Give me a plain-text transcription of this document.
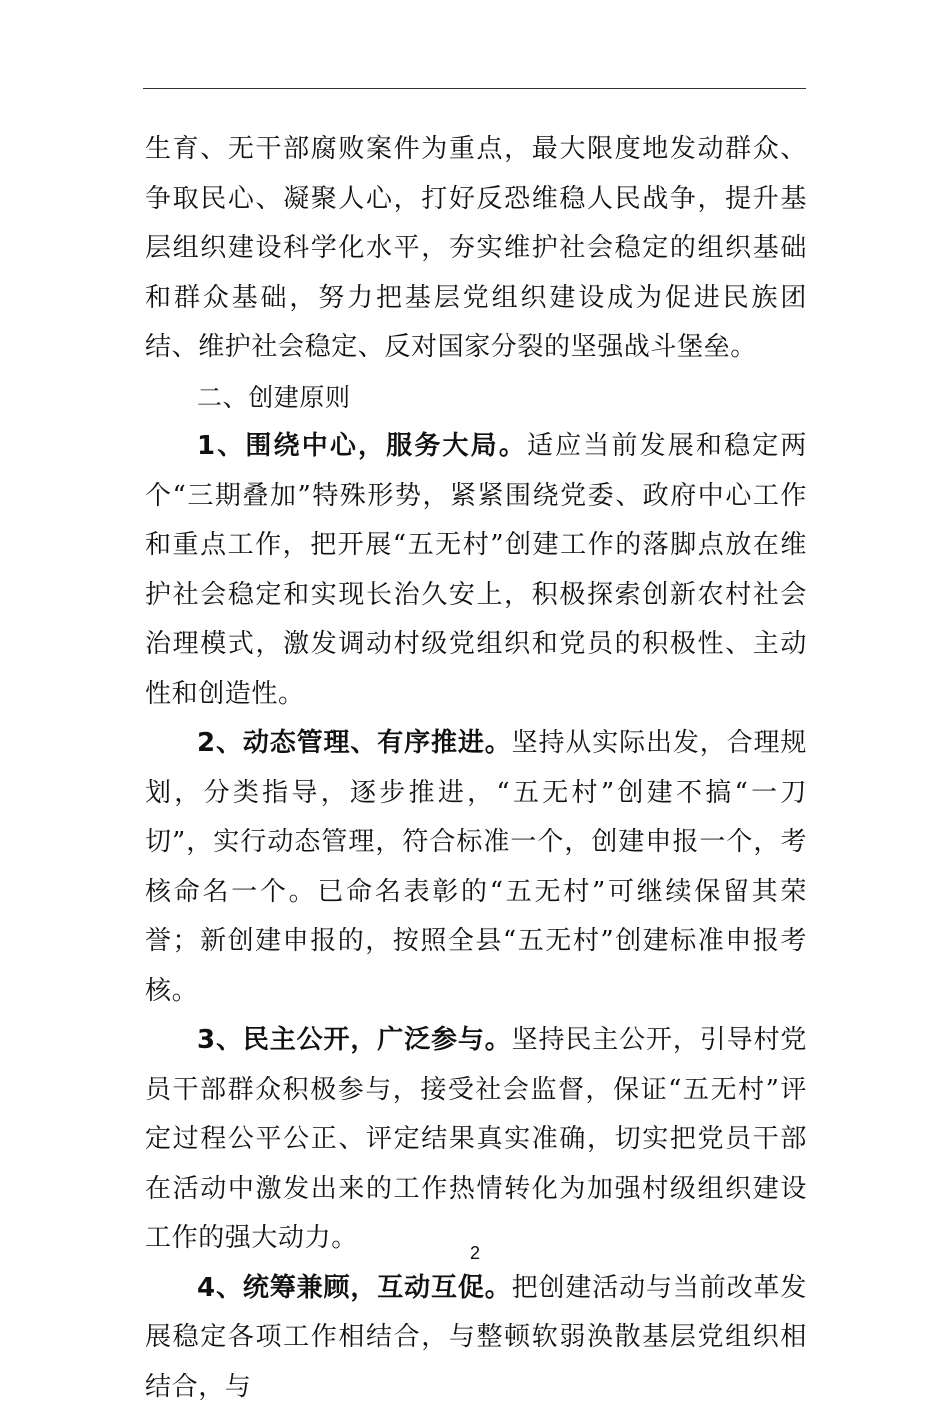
生育、无干部腐败案件为重点，最大限度地发动群众、争取民心、凝聚人心，打好反恐维稳人民战争，提升基层组织建设科学化水平，夯实维护社会稳定的组织基础和群众基础，努力把基层党组织建设成为促进民族团结、维护社会稳定、反对国家分裂的坚强战斗堡垒。

二、创建原则

1、围绕中心，服务大局。适应当前发展和稳定两个“三期叠加”特殊形势，紧紧围绕党委、政府中心工作和重点工作，把开展“五无村”创建工作的落脚点放在维护社会稳定和实现长治久安上，积极探索创新农村社会治理模式，激发调动村级党组织和党员的积极性、主动性和创造性。

2、动态管理、有序推进。坚持从实际出发，合理规划，分类指导，逐步推进，“五无村”创建不搞“一刀切”，实行动态管理，符合标准一个，创建申报一个，考核命名一个。已命名表彰的“五无村”可继续保留其荣誉；新创建申报的，按照全县“五无村”创建标准申报考核。

3、民主公开，广泛参与。坚持民主公开，引导村党员干部群众积极参与，接受社会监督，保证“五无村”评定过程公平公正、评定结果真实准确，切实把党员干部在活动中激发出来的工作热情转化为加强村级组织建设工作的强大动力。

4、统筹兼顾，互动互促。把创建活动与当前改革发展稳定各项工作相结合，与整顿软弱涣散基层党组织相结合，与

2
